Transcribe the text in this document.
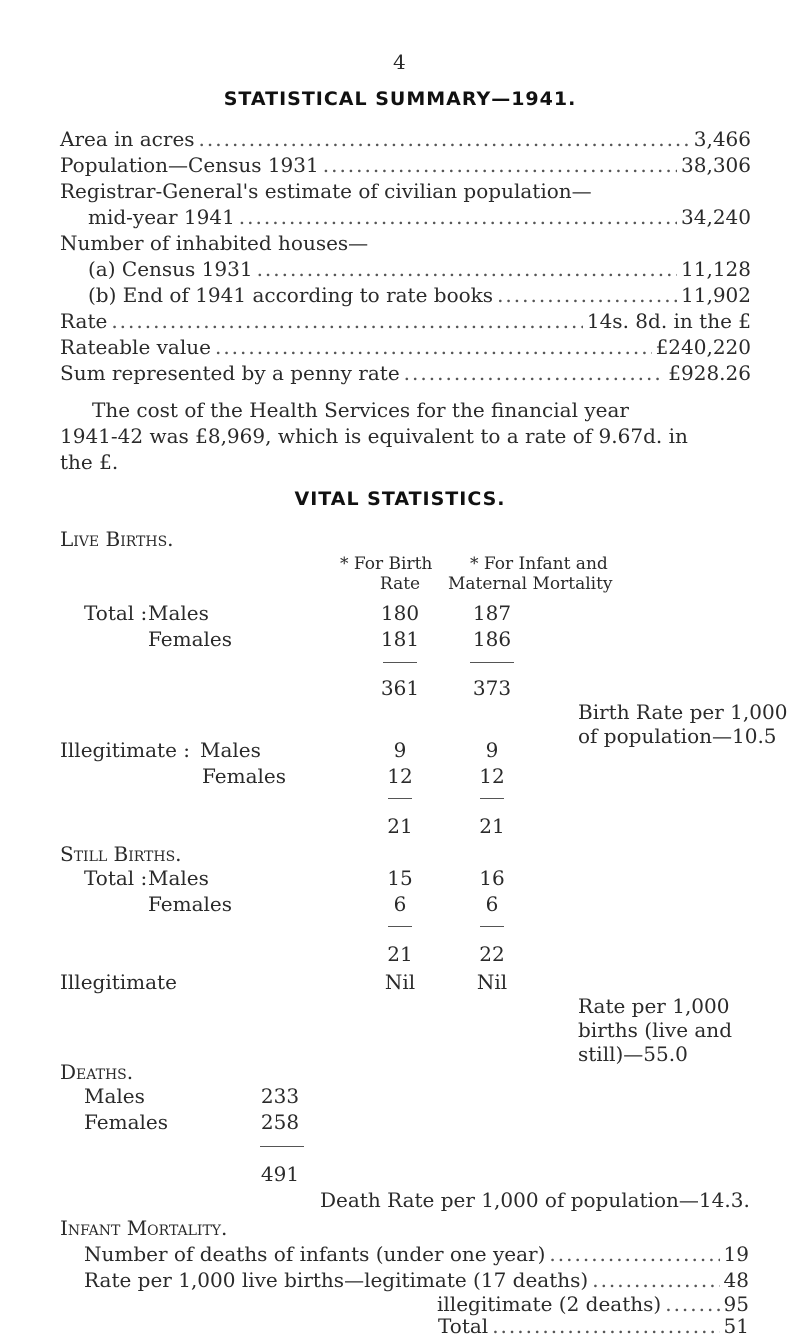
4
STATISTICAL SUMMARY—1941.
Area in acres .....	3,466
Population—Census 1931 .....	38,306
Registrar-General's estimate of civilian population—
mid-year 1941 .....	34,240
Number of inhabited houses—
(a) Census 1931 .....	11,128
(b) End of 1941 according to rate books .....	11,902
Rate .....	14s. 8d. in the £
Rateable value .....	£240,220
Sum represented by a penny rate .....	£928.26
The cost of the Health Services for the financial year
1941-42 was £8,969, which is equivalent to a rate of 9.67d. in
the £.
VITAL STATISTICS.
Live Births.
* For Birth
Rate
* For Infant and
Maternal Mortality
Total : Males	180	187
Females	181	186
361	373
Birth Rate per 1,000
of population—10.5
Illegitimate : Males	9	9
Females	12	12
21	21
Still Births.
Total : Males	15	16
Females	6	6
21	22
Illegitimate	Nil	Nil
Rate per 1,000
births (live and
still)—55.0
Deaths.
Males	233
Females	258
491
Death Rate per 1,000 of population—14.3.
Infant Mortality.
Number of deaths of infants (under one year) .....	19
Rate per 1,000 live births—legitimate (17 deaths) .....	48
illegitimate (2 deaths) .....	95
Total .....	51
